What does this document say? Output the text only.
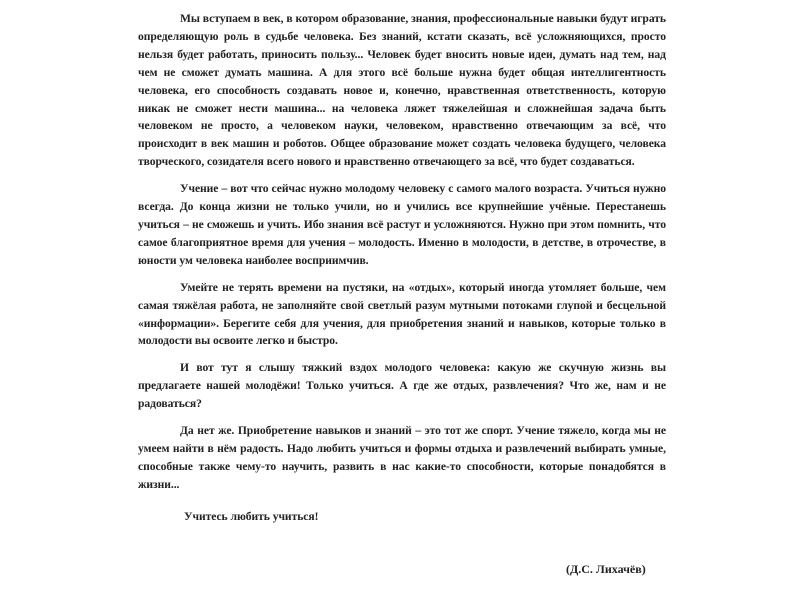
Мы вступаем в век, в котором образование, знания, профессиональные навыки будут играть определяющую роль в судьбе человека. Без знаний, кстати сказать, всё усложняющихся, просто нельзя будет работать, приносить пользу... Человек будет вносить новые идеи, думать над тем, над чем не сможет думать машина. А для этого всё больше нужна будет общая интеллигентность человека, его способность создавать новое и, конечно, нравственная ответственность, которую никак не сможет нести машина... на человека ляжет тяжелейшая и сложнейшая задача быть человеком не просто, а человеком науки, человеком, нравственно отвечающим за всё, что происходит в век машин и роботов. Общее образование может создать человека будущего, человека творческого, созидателя всего нового и нравственно отвечающего за всё, что будет создаваться.

Учение – вот что сейчас нужно молодому человеку с самого малого возраста. Учиться нужно всегда. До конца жизни не только учили, но и учились все крупнейшие учёные. Перестанешь учиться – не сможешь и учить. Ибо знания всё растут и усложняются. Нужно при этом помнить, что самое благоприятное время для учения – молодость. Именно в молодости, в детстве, в отрочестве, в юности ум человека наиболее восприимчив.

Умейте не терять времени на пустяки, на «отдых», который иногда утомляет больше, чем самая тяжёлая работа, не заполняйте свой светлый разум мутными потоками глупой и бесцельной «информации». Берегите себя для учения, для приобретения знаний и навыков, которые только в молодости вы освоите легко и быстро.

И вот тут я слышу тяжкий вздох молодого человека: какую же скучную жизнь вы предлагаете нашей молодёжи! Только учиться. А где же отдых, развлечения? Что же, нам и не радоваться?

Да нет же. Приобретение навыков и знаний – это тот же спорт. Учение тяжело, когда мы не умеем найти в нём радость. Надо любить учиться и формы отдыха и развлечений выбирать умные, способные также чему-то научить, развить в нас какие-то способности, которые понадобятся в жизни...

Учитесь любить учиться!

(Д.С. Лихачёв)
